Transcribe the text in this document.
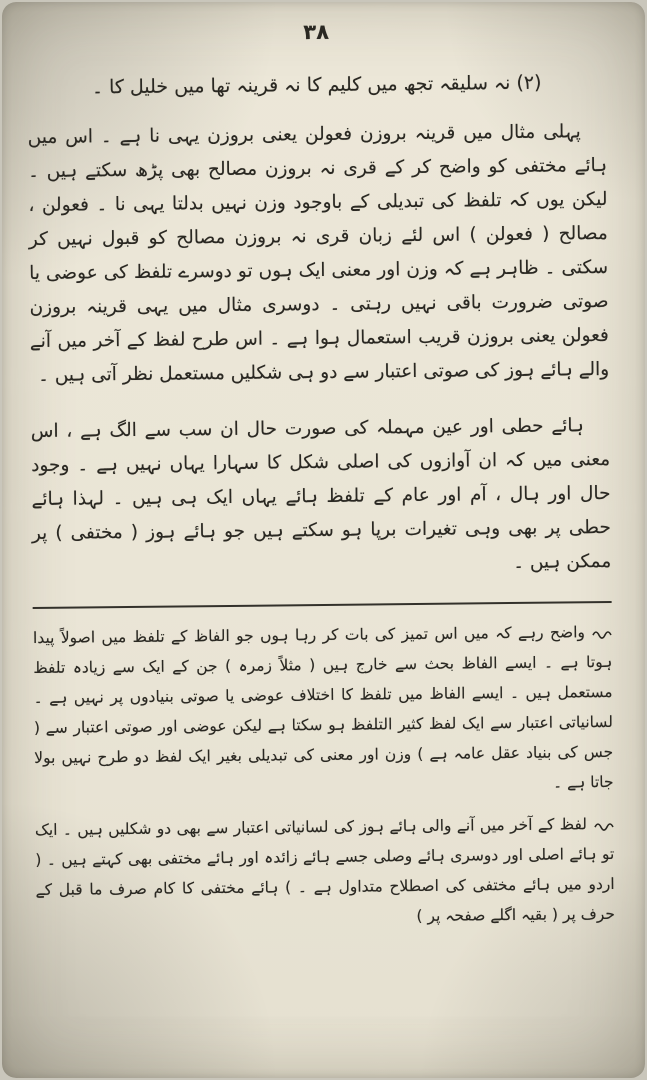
۳۸
(۲) نہ سلیقہ تجھ میں کلیم کا نہ قرینہ تھا میں خلیل کا ۔

پہلی مثال میں قرینہ بروزن فعولن یعنی بروزن یہی نا ہے ۔ اس میں ہائے مختفی کو واضح کر کے قری نہ بروزن مصالح بھی پڑھ سکتے ہیں ۔ لیکن یوں کہ تلفظ کی تبدیلی کے باوجود وزن نہیں بدلتا یہی نا ۔ فعولن ، مصالح ( فعولن ) اس لئے زبان قری نہ بروزن مصالح کو قبول نہیں کر سکتی ۔ ظاہر ہے کہ وزن اور معنی ایک ہوں تو دوسرے تلفظ کی عوضی یا صوتی ضرورت باقی نہیں رہتی ۔ دوسری مثال میں یہی قرینہ بروزن فعولن یعنی بروزن قریب استعمال ہوا ہے ۔ اس طرح لفظ کے آخر میں آنے والے ہائے ہوز کی صوتی اعتبار سے دو ہی شکلیں مستعمل نظر آتی ہیں ۔

ہائے حطی اور عین مہملہ کی صورت حال ان سب سے الگ ہے ، اس معنی میں کہ ان آوازوں کی اصلی شکل کا سہارا یہاں نہیں ہے ۔ وجود حال اور ہال ، آم اور عام کے تلفظ ہائے یہاں ایک ہی ہیں ۔ لہذا ہائے حطی پر بھی وہی تغیرات برپا ہو سکتے ہیں جو ہائے ہوز ( مختفی ) پر ممکن ہیں ۔

واضح رہے کہ میں اس تمیز کی بات کر رہا ہوں جو الفاظ کے تلفظ میں اصولاً پیدا ہوتا ہے ۔ ایسے الفاظ بحث سے خارج ہیں ( مثلاً زمرہ ) جن کے ایک سے زیادہ تلفظ مستعمل ہیں ۔ ایسے الفاظ میں تلفظ کا اختلاف عوضی یا صوتی بنیادوں پر نہیں ہے ۔ لسانیاتی اعتبار سے ایک لفظ کثیر التلفظ ہو سکتا ہے لیکن عوضی اور صوتی اعتبار سے ( جس کی بنیاد عقل عامہ ہے ) وزن اور معنی کی تبدیلی بغیر ایک لفظ دو طرح نہیں بولا جاتا ہے ۔
لفظ کے آخر میں آنے والی ہائے ہوز کی لسانیاتی اعتبار سے بھی دو شکلیں ہیں ۔ ایک تو ہائے اصلی اور دوسری ہائے وصلی جسے ہائے زائدہ اور ہائے مختفی بھی کہتے ہیں ۔ ( اردو میں ہائے مختفی کی اصطلاح متداول ہے ۔ ) ہائے مختفی کا کام صرف ما قبل کے حرف پر ( بقیہ اگلے صفحہ پر )
